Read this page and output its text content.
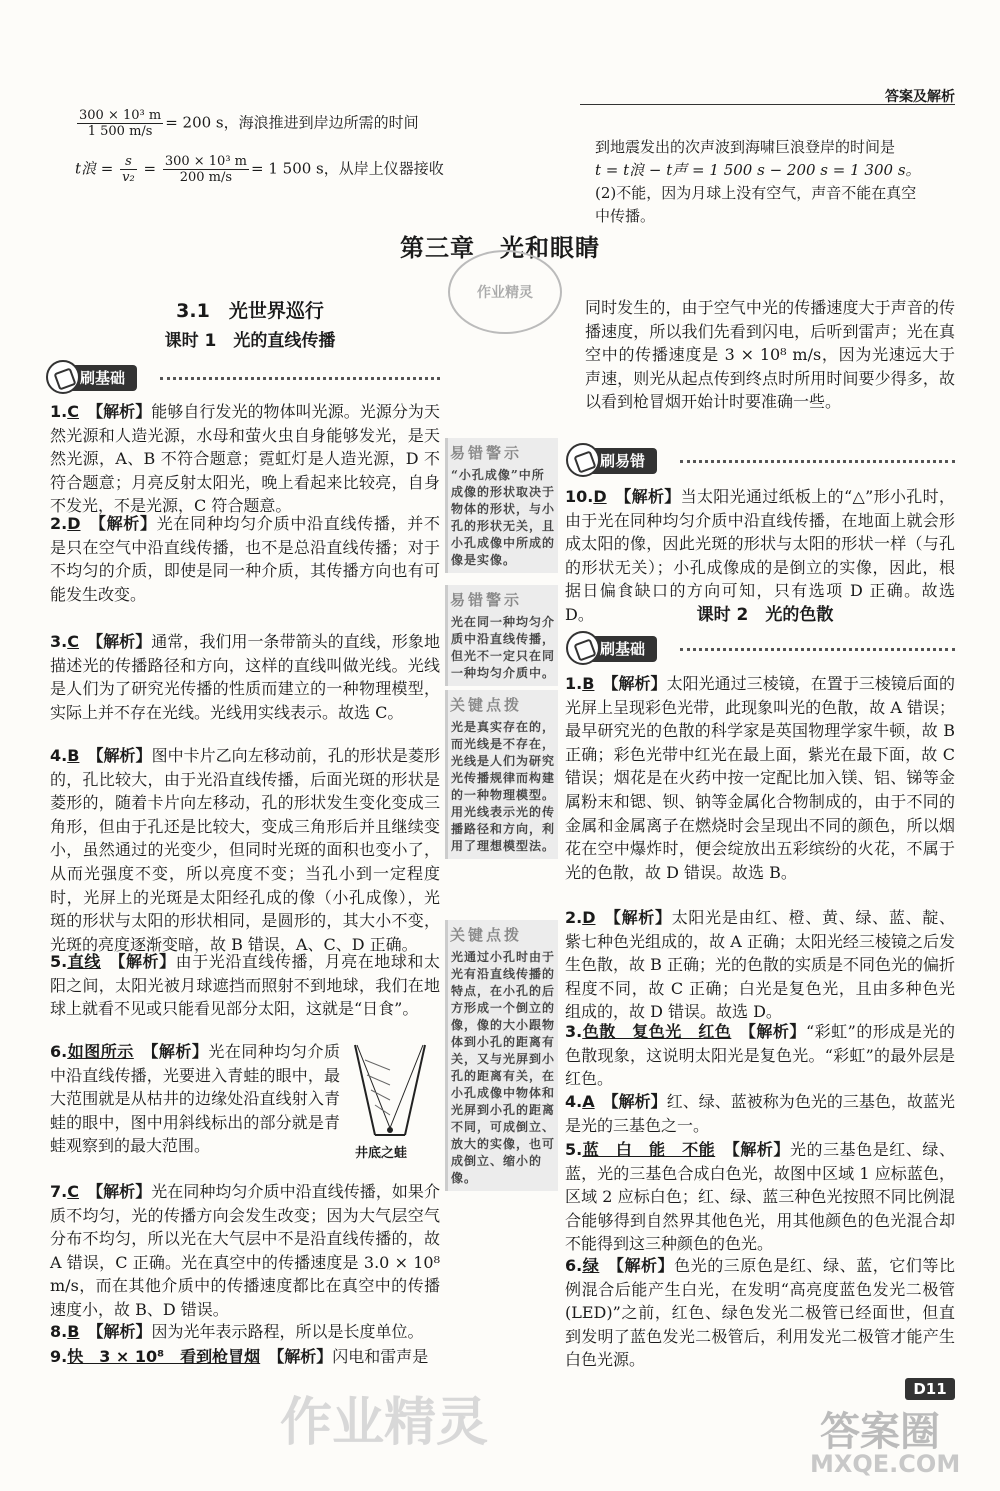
答案及解析
$\frac{\text{300 × 10³ m}}{1 500 m/s} = 200$ s，海浪推进到岸边所需的时间
t浪 = $\frac{s}{\text{v₂}} = \frac{\text{300 × 10³ m}}{200 m/s} = 1$ 500 s，从岸上仪器接收
到地震发出的次声波到海啸巨浪登岸的时间是
t = t浪 − t声 = 1 500 s − 200 s = 1 300 s。
(2)不能，因为月球上没有空气，声音不能在真空
中传播。
第三章　光和眼睛
作业精灵
3.1　光世界巡行
课时 1　光的直线传播
刷基础
1.C　 【解析】能够自行发光的物体叫光源。光源分为天然光源和人造光源，水母和萤火虫自身能够发光，是天然光源，A、B 不符合题意；霓虹灯是人造光源，D 不符合题意；月亮反射太阳光，晚上看起来比较亮，自身不发光，不是光源，C 符合题意。
2.D　 【解析】光在同种均匀介质中沿直线传播，并不是只在空气中沿直线传播，也不是总沿直线传播；对于不均匀的介质，即使是同一种介质，其传播方向也有可能发生改变。
3.C　 【解析】通常，我们用一条带箭头的直线，形象地描述光的传播路径和方向，这样的直线叫做光线。光线是人们为了研究光传播的性质而建立的一种物理模型，实际上并不存在光线。光线用实线表示。故选 C。
4.B　 【解析】图中卡片乙向左移动前，孔的形状是菱形的，孔比较大，由于光沿直线传播，后面光斑的形状是菱形的，随着卡片向左移动，孔的形状发生变化变成三角形，但由于孔还是比较大，变成三角形后并且继续变小，虽然通过的光变少，但同时光斑的面积也变小了，从而光强度不变，所以亮度不变；当孔小到一定程度时，光屏上的光斑是太阳经孔成的像（小孔成像），光斑的形状与太阳的形状相同，是圆形的，其大小不变，光斑的亮度逐渐变暗，故 B 错误，A、C、D 正确。
5.直线　 【解析】由于光沿直线传播，月亮在地球和太阳之间，太阳光被月球遮挡而照射不到地球，我们在地球上就看不见或只能看见部分太阳，这就是“日食”。
6.如图所示　 【解析】光在同种均匀介质中沿直线传播，光要进入青蛙的眼中，最大范围就是从枯井的边缘处沿直线射入青蛙的眼中，图中用斜线标出的部分就是青蛙观察到的最大范围。
7.C　 【解析】光在同种均匀介质中沿直线传播，如果介质不均匀，光的传播方向会发生改变；因为大气层空气分布不均匀，所以光在大气层中不是沿直线传播的，故 A 错误，C 正确。光在真空中的传播速度是 3.0 × 10⁸ m/s，而在其他介质中的传播速度都比在真空中的传播速度小，故 B、D 错误。
8.B　 【解析】因为光年表示路程，所以是长度单位。
9.快　3 × 10⁸　看到枪冒烟　 【解析】闪电和雷声是
井底之蛙
易错警示
“小孔成像”中所成像的形状取决于物体的形状，与小孔的形状无关，且小孔成像中所成的像是实像。
易错警示
光在同一种均匀介质中沿直线传播，但光不一定只在同一种均匀介质中。
关键点拨
光是真实存在的，而光线是不存在，光线是人们为研究光传播规律而构建的一种物理模型。用光线表示光的传播路径和方向，利用了理想模型法。
关键点拨
光通过小孔时由于光有沿直线传播的特点，在小孔的后方形成一个倒立的像，像的大小跟物体到小孔的距离有关，又与光屏到小孔的距离有关，在小孔成像中物体和光屏到小孔的距离不同，可成倒立、放大的实像，也可成倒立、缩小的像。
同时发生的，由于空气中光的传播速度大于声音的传播速度，所以我们先看到闪电，后听到雷声；光在真空中的传播速度是 3 × 10⁸ m/s，因为光速远大于声速，则光从起点传到终点时所用时间要少得多，故以看到枪冒烟开始计时要准确一些。
刷易错
10.D　 【解析】当太阳光通过纸板上的“△”形小孔时，由于光在同种均匀介质中沿直线传播，在地面上就会形成太阳的像，因此光斑的形状与太阳的形状一样（与孔的形状无关）；小孔成像成的是倒立的实像，因此，根据日偏食缺口的方向可知，只有选项 D 正确。故选 D。	课时 2　光的色散
刷基础
1.B　 【解析】太阳光通过三棱镜，在置于三棱镜后面的光屏上呈现彩色光带，此现象叫光的色散，故 A 错误；最早研究光的色散的科学家是英国物理学家牛顿，故 B 正确；彩色光带中红光在最上面，紫光在最下面，故 C 错误；烟花是在火药中按一定配比加入镁、铝、锑等金属粉末和锶、钡、钠等金属化合物制成的，由于不同的金属和金属离子在燃烧时会呈现出不同的颜色，所以烟花在空中爆炸时，便会绽放出五彩缤纷的火花，不属于光的色散，故 D 错误。故选 B。
2.D　 【解析】太阳光是由红、橙、黄、绿、蓝、靛、紫七种色光组成的，故 A 正确；太阳光经三棱镜之后发生色散，故 B 正确；光的色散的实质是不同色光的偏折程度不同，故 C 正确；白光是复色光，且由多种色光组成的，故 D 错误。故选 D。
3.色散　复色光　红色　 【解析】“彩虹”的形成是光的色散现象，这说明太阳光是复色光。“彩虹”的最外层是红色。
4.A　 【解析】红、绿、蓝被称为色光的三基色，故蓝光是光的三基色之一。
5.蓝　白　能　不能　 【解析】光的三基色是红、绿、蓝，光的三基色合成白色光，故图中区域 1 应标蓝色，区域 2 应标白色；红、绿、蓝三种色光按照不同比例混合能够得到自然界其他色光，用其他颜色的色光混合却不能得到这三种颜色的色光。
6.绿　 【解析】色光的三原色是红、绿、蓝，它们等比例混合后能产生白光，在发明“高亮度蓝色发光二极管(LED)”之前，红色、绿色发光二极管已经面世，但直到发明了蓝色发光二极管后，利用发光二极管才能产生白色光源。
D11
作业精灵	答案圈
MXQE.COM
